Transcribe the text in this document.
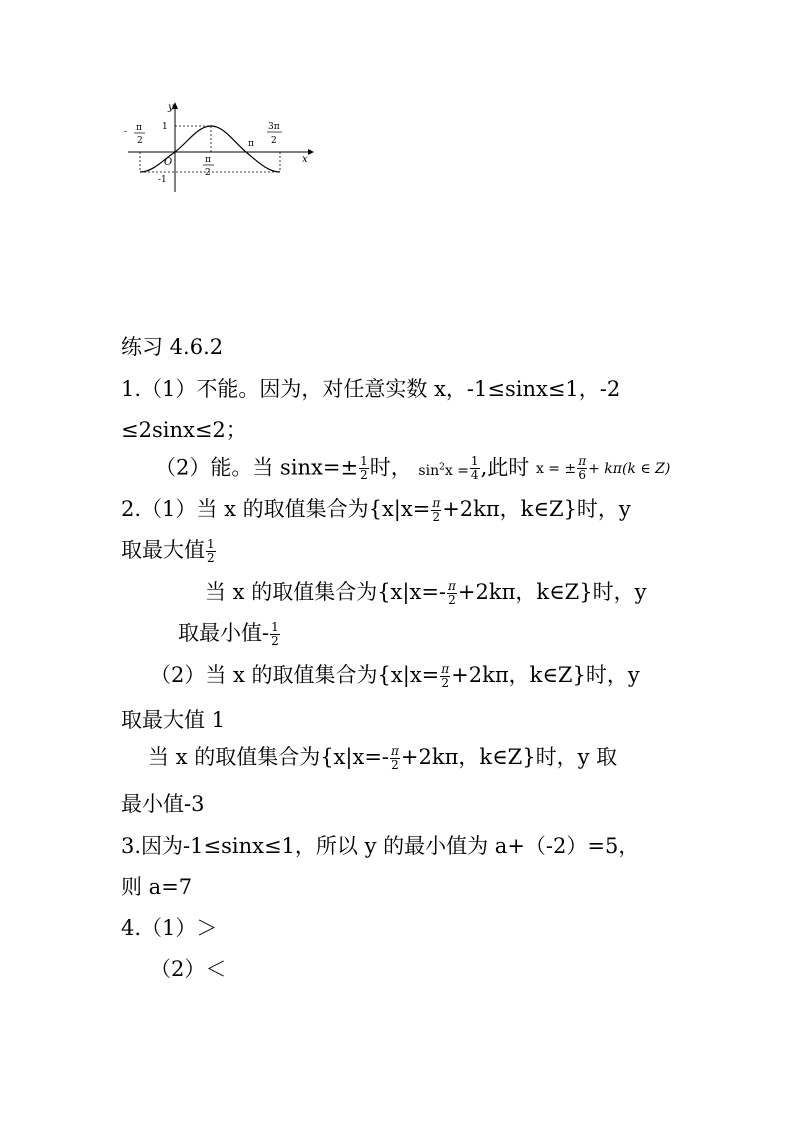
y
x
O
1
-1
- π
2
π
2
π
3π
2
练习 4.6.2
1.（1）不能。因为，对任意实数 x，-1≤sinx≤1，-2
≤2sinx≤2；
（2）能。当 $\sin x=\pm \frac{1}{2}$ 时， $\sin^2x = \frac{1}{4}$ ,此时 x = ± $\frac{\pi}{6} + k\pi(k$ ∈ Z)
2.（1）当 x 的取值集合为{$x|x= \frac{\pi}{2} +2k\pi$，k∈Z}时，y
取最大值 $\frac{1}{2}$
当 x 的取值集合为{$x|x=- \frac{\pi}{2} +2k\pi$，k∈Z}时，y
取最小值- $\frac{1}{2}$
（2）当 x 的取值集合为{$x|x= \frac{\pi}{2} +2k\pi$，k∈Z}时，y
取最大值 1
当 x 的取值集合为{$x|x=- \frac{\pi}{2} +2k\pi$，k∈Z}时，y 取
最小值-3
3.因为-1≤sinx≤1，所以 y 的最小值为 a+（-2）=5，
则 a=7
4.（1）＞
（2）＜
